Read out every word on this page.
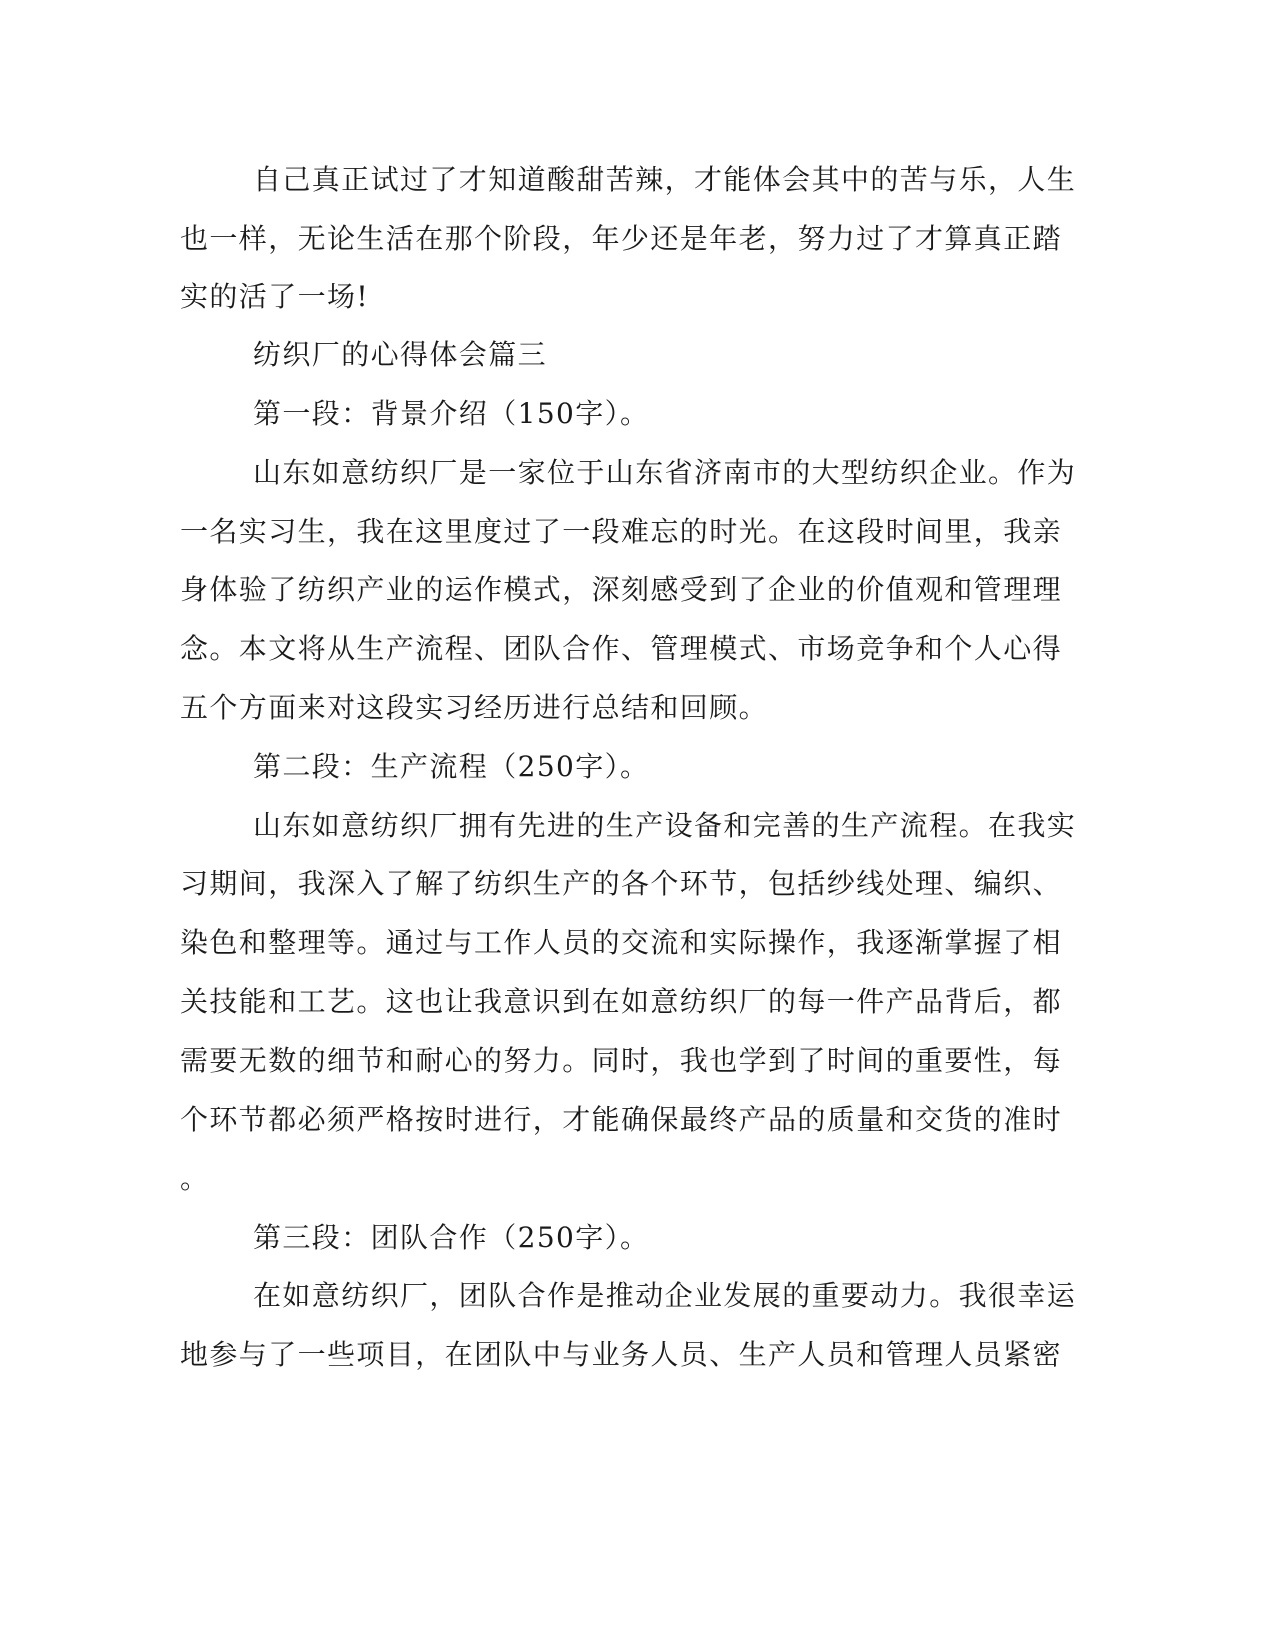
自己真正试过了才知道酸甜苦辣，才能体会其中的苦与乐，人生
也一样，无论生活在那个阶段，年少还是年老，努力过了才算真正踏
实的活了一场!
纺织厂的心得体会篇三
第一段：背景介绍（150字）。
山东如意纺织厂是一家位于山东省济南市的大型纺织企业。作为
一名实习生，我在这里度过了一段难忘的时光。在这段时间里，我亲
身体验了纺织产业的运作模式，深刻感受到了企业的价值观和管理理
念。本文将从生产流程、团队合作、管理模式、市场竞争和个人心得
五个方面来对这段实习经历进行总结和回顾。
第二段：生产流程（250字）。
山东如意纺织厂拥有先进的生产设备和完善的生产流程。在我实
习期间，我深入了解了纺织生产的各个环节，包括纱线处理、编织、
染色和整理等。通过与工作人员的交流和实际操作，我逐渐掌握了相
关技能和工艺。这也让我意识到在如意纺织厂的每一件产品背后，都
需要无数的细节和耐心的努力。同时，我也学到了时间的重要性，每
个环节都必须严格按时进行，才能确保最终产品的质量和交货的准时
。
第三段：团队合作（250字）。
在如意纺织厂，团队合作是推动企业发展的重要动力。我很幸运
地参与了一些项目，在团队中与业务人员、生产人员和管理人员紧密
